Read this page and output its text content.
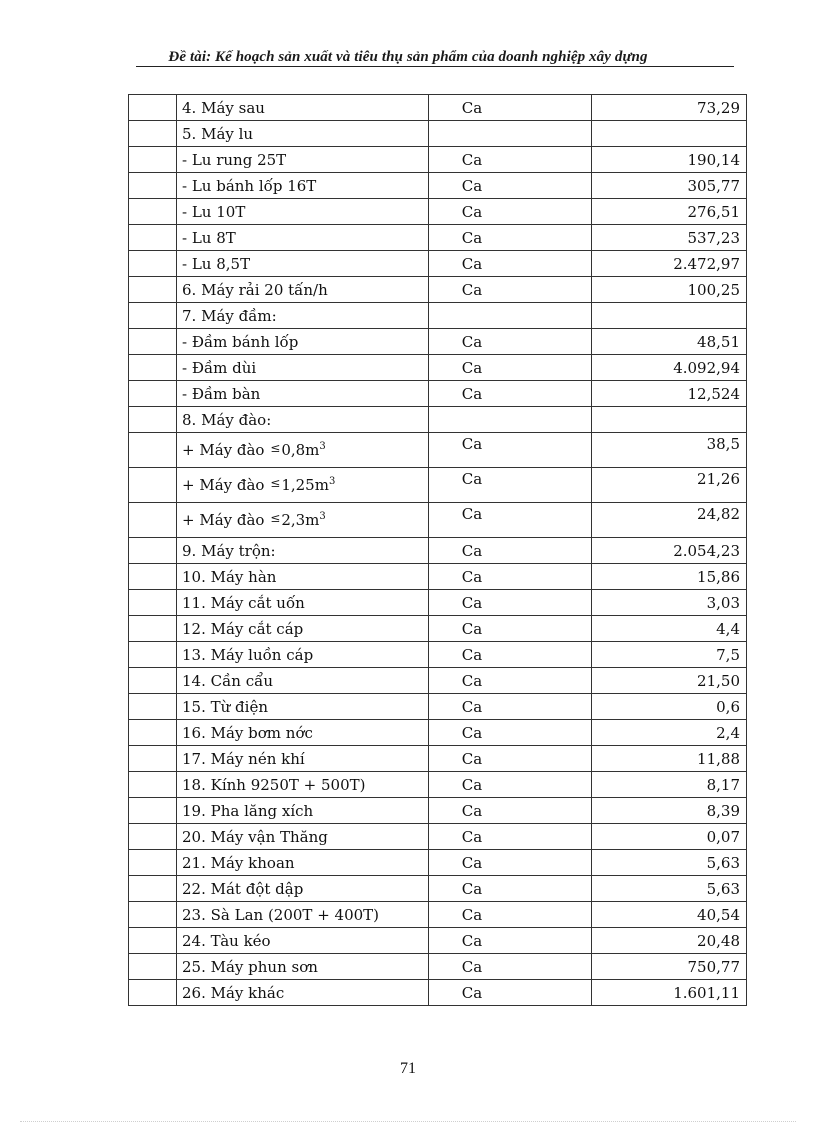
Đề tài: Kế hoạch sản xuất và tiêu thụ sản phẩm của doanh nghiệp xây dựng
	4. Máy sau	Ca	73,29
	5. Máy lu		
	- Lu rung 25T	Ca	190,14
	- Lu bánh lốp 16T	Ca	305,77
	- Lu 10T	Ca	276,51
	- Lu 8T	Ca	537,23
	- Lu 8,5T	Ca	2.472,97
	6. Máy rải 20 tấn/h	Ca	100,25
	7. Máy đầm:		
	- Đầm bánh lốp	Ca	48,51
	- Đầm dùi	Ca	4.092,94
	- Đầm bàn	Ca	12,524
	8. Máy đào:		
	+ Máy đào $^\le 0,8m^3$	Ca	38,5
	+ Máy đào $^\le 1,25m^3$	Ca	21,26
	+ Máy đào $^\le 2,3m^3$	Ca	24,82
	9. Máy trộn:	Ca	2.054,23
	10. Máy hàn	Ca	15,86
	11. Máy cắt uốn	Ca	3,03
	12. Máy cắt cáp	Ca	4,4
	13. Máy luồn cáp	Ca	7,5
	14. Cần cẩu	Ca	21,50
	15. Từ điện	Ca	0,6
	16. Máy bơm nớc	Ca	2,4
	17. Máy nén khí	Ca	11,88
	18. Kính 9250T + 500T)	Ca	8,17
	19. Pha lăng xích	Ca	8,39
	20. Máy vận Thăng	Ca	0,07
	21. Máy khoan	Ca	5,63
	22. Mát đột dập	Ca	5,63
	23. Sà Lan (200T + 400T)	Ca	40,54
	24. Tàu kéo	Ca	20,48
	25. Máy phun sơn	Ca	750,77
	26. Máy khác	Ca	1.601,11
71
